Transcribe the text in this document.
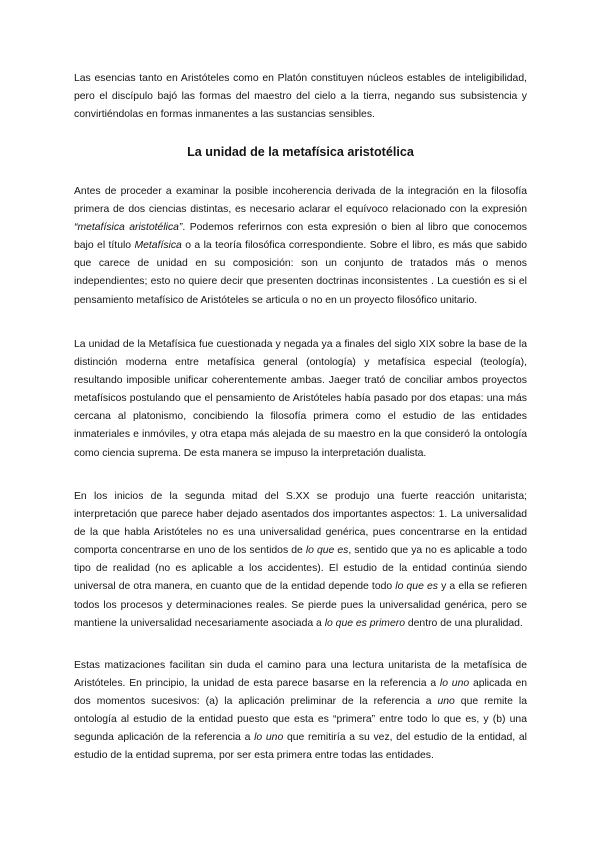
Las esencias tanto en Aristóteles como en Platón constituyen núcleos estables de inteligibilidad, pero el discípulo bajó las formas del maestro del cielo a la tierra, negando sus subsistencia y convirtiéndolas en formas inmanentes a las sustancias sensibles.

La unidad de la metafísica aristotélica

Antes de proceder a examinar la posible incoherencia derivada de la integración en la filosofía primera de dos ciencias distintas, es necesario aclarar el equívoco relacionado con la expresión “metafísica aristotélica”. Podemos referirnos con esta expresión o bien al libro que conocemos bajo el título Metafísica o a la teoría filosófica correspondiente. Sobre el libro, es más que sabido que carece de unidad en su composición: son un conjunto de tratados más o menos independientes; esto no quiere decir que presenten doctrinas inconsistentes . La cuestión es si el pensamiento metafísico de Aristóteles se articula o no en un proyecto filosófico unitario.

La unidad de la Metafísica fue cuestionada y negada ya a finales del siglo XIX sobre la base de la distinción moderna entre metafísica general (ontología) y metafísica especial (teología), resultando imposible unificar coherentemente ambas. Jaeger trató de conciliar ambos proyectos metafísicos postulando que el pensamiento de Aristóteles había pasado por dos etapas: una más cercana al platonismo, concibiendo la filosofía primera como el estudio de las entidades inmateriales e inmóviles, y otra etapa más alejada de su maestro en la que consideró la ontología como ciencia suprema. De esta manera se impuso la interpretación dualista.

En los inicios de la segunda mitad del S.XX se produjo una fuerte reacción unitarista; interpretación que parece haber dejado asentados dos importantes aspectos: 1. La universalidad de la que habla Aristóteles no es una universalidad genérica, pues concentrarse en la entidad comporta concentrarse en uno de los sentidos de lo que es, sentido que ya no es aplicable a todo tipo de realidad (no es aplicable a los accidentes). El estudio de la entidad continúa siendo universal de otra manera, en cuanto que de la entidad depende todo lo que es y a ella se refieren todos los procesos y determinaciones reales. Se pierde pues la universalidad genérica, pero se mantiene la universalidad necesariamente asociada a lo que es primero dentro de una pluralidad.

Estas matizaciones facilitan sin duda el camino para una lectura unitarista de la metafísica de Aristóteles. En principio, la unidad de esta parece basarse en la referencia a lo uno aplicada en dos momentos sucesivos: (a) la aplicación preliminar de la referencia a uno que remite la ontología al estudio de la entidad puesto que esta es “primera” entre todo lo que es, y (b) una segunda aplicación de la referencia a lo uno que remitiría a su vez, del estudio de la entidad, al estudio de la entidad suprema, por ser esta primera entre todas las entidades.
